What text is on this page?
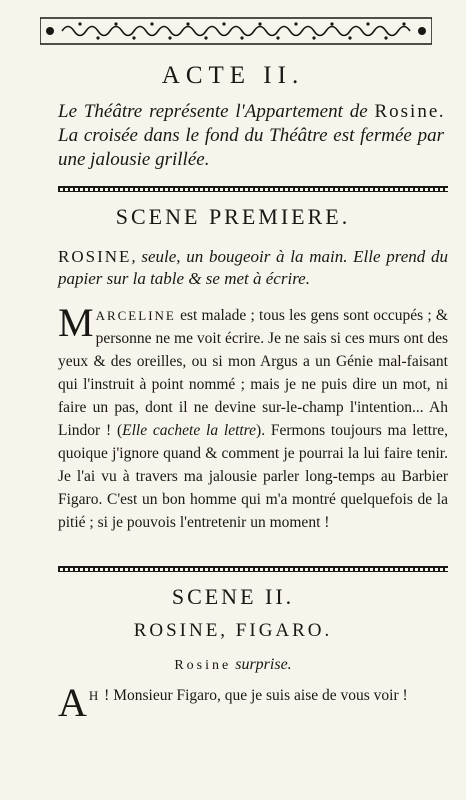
ACTE II.
Le Théâtre représente l'Appartement de Rosine. La croisée dans le fond du Théâtre est fermée par une jalousie grillée.
SCENE PREMIERE.
ROSINE, seule, un bougeoir à la main. Elle prend du papier sur la table & se met à écrire.
MARCELINE est malade ; tous les gens sont occupés ; & personne ne me voit écrire. Je ne sais si ces murs ont des yeux & des oreilles, ou si mon Argus a un Génie mal-faisant qui l'instruit à point nommé ; mais je ne puis dire un mot, ni faire un pas, dont il ne devine sur-le-champ l'intention... Ah Lindor ! (Elle cachete la lettre). Fermons toujours ma lettre, quoique j'ignore quand & comment je pourrai la lui faire tenir. Je l'ai vu à travers ma jalousie parler long-temps au Barbier Figaro. C'est un bon homme qui m'a montré quelquefois de la pitié ; si je pouvois l'entretenir un moment !
SCENE II.
ROSINE, FIGARO.
Rosine surprise.
A H ! Monsieur Figaro, que je suis aise de vous voir !
